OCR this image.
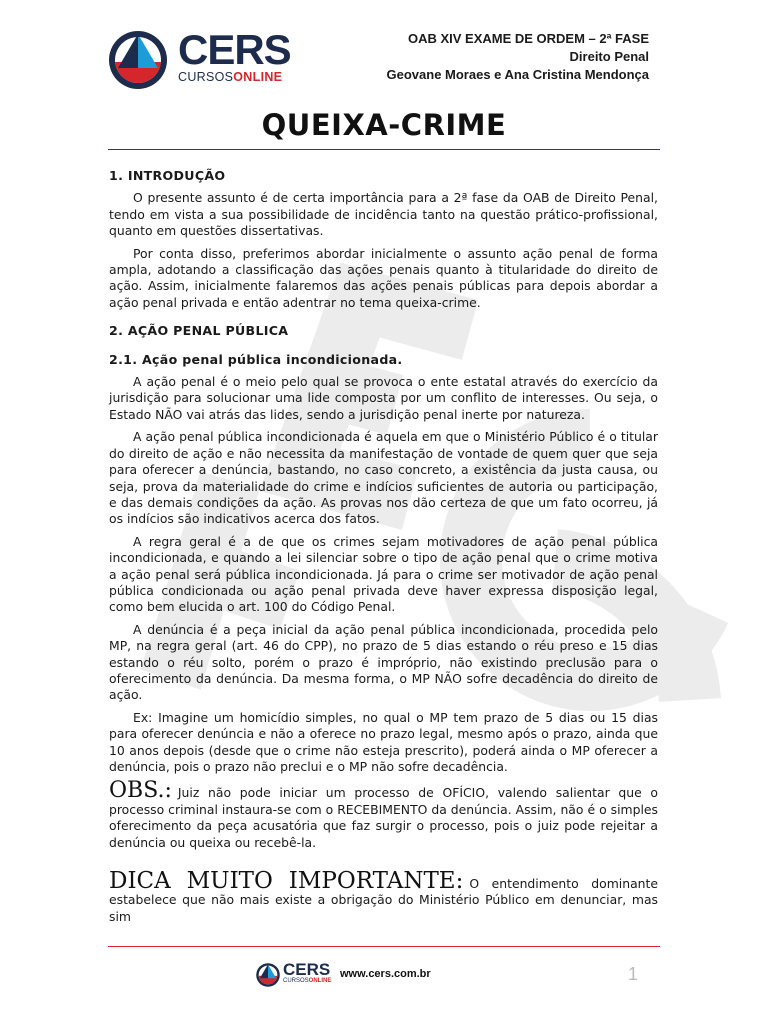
CERS
CURSOSONLINE
OAB XIV EXAME DE ORDEM – 2ª FASE
Direito Penal
Geovane Moraes e Ana Cristina Mendonça
QUEIXA-CRIME
1. INTRODUÇÃO

O presente assunto é de certa importância para a 2ª fase da OAB de Direito Penal, tendo em vista a sua possibilidade de incidência tanto na questão prático-profissional, quanto em questões dissertativas.

Por conta disso, preferimos abordar inicialmente o assunto ação penal de forma ampla, adotando a classificação das ações penais quanto à titularidade do direito de ação. Assim, inicialmente falaremos das ações penais públicas para depois abordar a ação penal privada e então adentrar no tema queixa-crime.

2. AÇÃO PENAL PÚBLICA
2.1. Ação penal pública incondicionada.

A ação penal é o meio pelo qual se provoca o ente estatal através do exercício da jurisdição para solucionar uma lide composta por um conflito de interesses. Ou seja, o Estado NÃO vai atrás das lides, sendo a jurisdição penal inerte por natureza.

A ação penal pública incondicionada é aquela em que o Ministério Público é o titular do direito de ação e não necessita da manifestação de vontade de quem quer que seja para oferecer a denúncia, bastando, no caso concreto, a existência da justa causa, ou seja, prova da materialidade do crime e indícios suficientes de autoria ou participação, e das demais condições da ação. As provas nos dão certeza de que um fato ocorreu, já os indícios são indicativos acerca dos fatos.

A regra geral é a de que os crimes sejam motivadores de ação penal pública incondicionada, e quando a lei silenciar sobre o tipo de ação penal que o crime motiva a ação penal será pública incondicionada. Já para o crime ser motivador de ação penal pública condicionada ou ação penal privada deve haver expressa disposição legal, como bem elucida o art. 100 do Código Penal.

A denúncia é a peça inicial da ação penal pública incondicionada, procedida pelo MP, na regra geral (art. 46 do CPP), no prazo de 5 dias estando o réu preso e 15 dias estando o réu solto, porém o prazo é impróprio, não existindo preclusão para o oferecimento da denúncia. Da mesma forma, o MP NÃO sofre decadência do direito de ação.

Ex: Imagine um homicídio simples, no qual o MP tem prazo de 5 dias ou 15 dias para oferecer denúncia e não a oferece no prazo legal, mesmo após o prazo, ainda que 10 anos depois (desde que o crime não esteja prescrito), poderá ainda o MP oferecer a denúncia, pois o prazo não preclui e o MP não sofre decadência.

OBS.: Juiz não pode iniciar um processo de OFÍCIO, valendo salientar que o processo criminal instaura-se com o RECEBIMENTO da denúncia. Assim, não é o simples oferecimento da peça acusatória que faz surgir o processo, pois o juiz pode rejeitar a denúncia ou queixa ou recebê-la.

DICA MUITO IMPORTANTE: O entendimento dominante estabelece que não mais existe a obrigação do Ministério Público em denunciar, mas sim

CERS
CURSOSONLINE
www.cers.com.br	1
